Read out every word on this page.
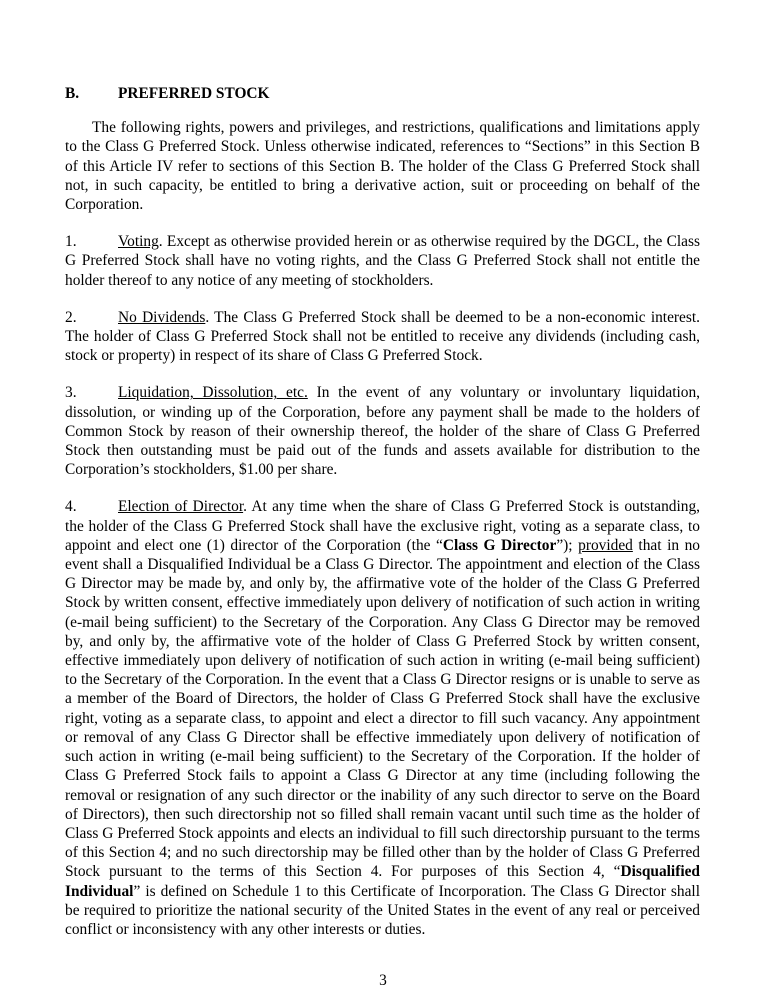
B.	PREFERRED STOCK

The following rights, powers and privileges, and restrictions, qualifications and limitations apply to the Class G Preferred Stock. Unless otherwise indicated, references to “Sections” in this Section B of this Article IV refer to sections of this Section B. The holder of the Class G Preferred Stock shall not, in such capacity, be entitled to bring a derivative action, suit or proceeding on behalf of the Corporation.

1.	Voting. Except as otherwise provided herein or as otherwise required by the DGCL, the Class G Preferred Stock shall have no voting rights, and the Class G Preferred Stock shall not entitle the holder thereof to any notice of any meeting of stockholders.

2.	No Dividends. The Class G Preferred Stock shall be deemed to be a non-economic interest. The holder of Class G Preferred Stock shall not be entitled to receive any dividends (including cash, stock or property) in respect of its share of Class G Preferred Stock.

3.	Liquidation, Dissolution, etc. In the event of any voluntary or involuntary liquidation, dissolution, or winding up of the Corporation, before any payment shall be made to the holders of Common Stock by reason of their ownership thereof, the holder of the share of Class G Preferred Stock then outstanding must be paid out of the funds and assets available for distribution to the Corporation’s stockholders, $1.00 per share.

4.	Election of Director. At any time when the share of Class G Preferred Stock is outstanding, the holder of the Class G Preferred Stock shall have the exclusive right, voting as a separate class, to appoint and elect one (1) director of the Corporation (the “Class G Director”); provided that in no event shall a Disqualified Individual be a Class G Director. The appointment and election of the Class G Director may be made by, and only by, the affirmative vote of the holder of the Class G Preferred Stock by written consent, effective immediately upon delivery of notification of such action in writing (e-mail being sufficient) to the Secretary of the Corporation. Any Class G Director may be removed by, and only by, the affirmative vote of the holder of Class G Preferred Stock by written consent, effective immediately upon delivery of notification of such action in writing (e-mail being sufficient) to the Secretary of the Corporation. In the event that a Class G Director resigns or is unable to serve as a member of the Board of Directors, the holder of Class G Preferred Stock shall have the exclusive right, voting as a separate class, to appoint and elect a director to fill such vacancy. Any appointment or removal of any Class G Director shall be effective immediately upon delivery of notification of such action in writing (e-mail being sufficient) to the Secretary of the Corporation. If the holder of Class G Preferred Stock fails to appoint a Class G Director at any time (including following the removal or resignation of any such director or the inability of any such director to serve on the Board of Directors), then such directorship not so filled shall remain vacant until such time as the holder of Class G Preferred Stock appoints and elects an individual to fill such directorship pursuant to the terms of this Section 4; and no such directorship may be filled other than by the holder of Class G Preferred Stock pursuant to the terms of this Section 4. For purposes of this Section 4, “Disqualified Individual” is defined on Schedule 1 to this Certificate of Incorporation. The Class G Director shall be required to prioritize the national security of the United States in the event of any real or perceived conflict or inconsistency with any other interests or duties.

3
